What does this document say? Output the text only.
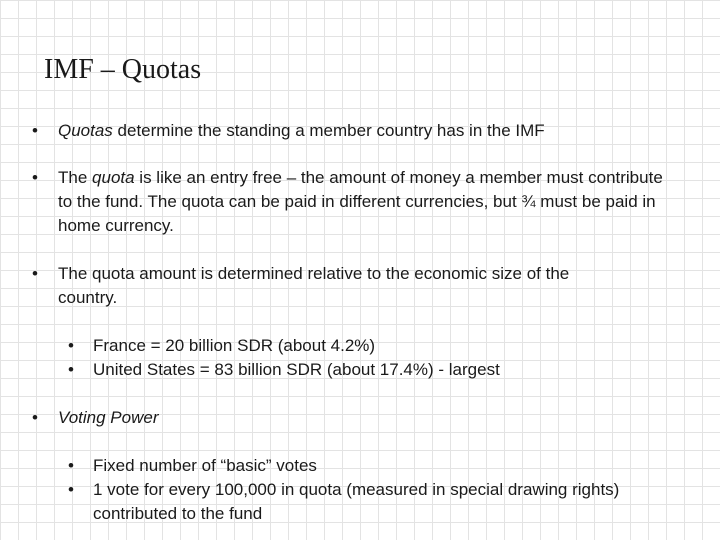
IMF – Quotas
• Quotas determine the standing a member country has in the IMF
• The quota is like an entry free – the amount of money a member must contribute to the fund. The quota can be paid in different currencies, but ¾ must be paid in home currency.
• The quota amount is determined relative to the economic size of the country.
• France = 20 billion SDR (about 4.2%)
• United States = 83 billion SDR (about 17.4%) - largest
• Voting Power
• Fixed number of “basic” votes
• 1 vote for every 100,000 in quota (measured in special drawing rights) contributed to the fund
